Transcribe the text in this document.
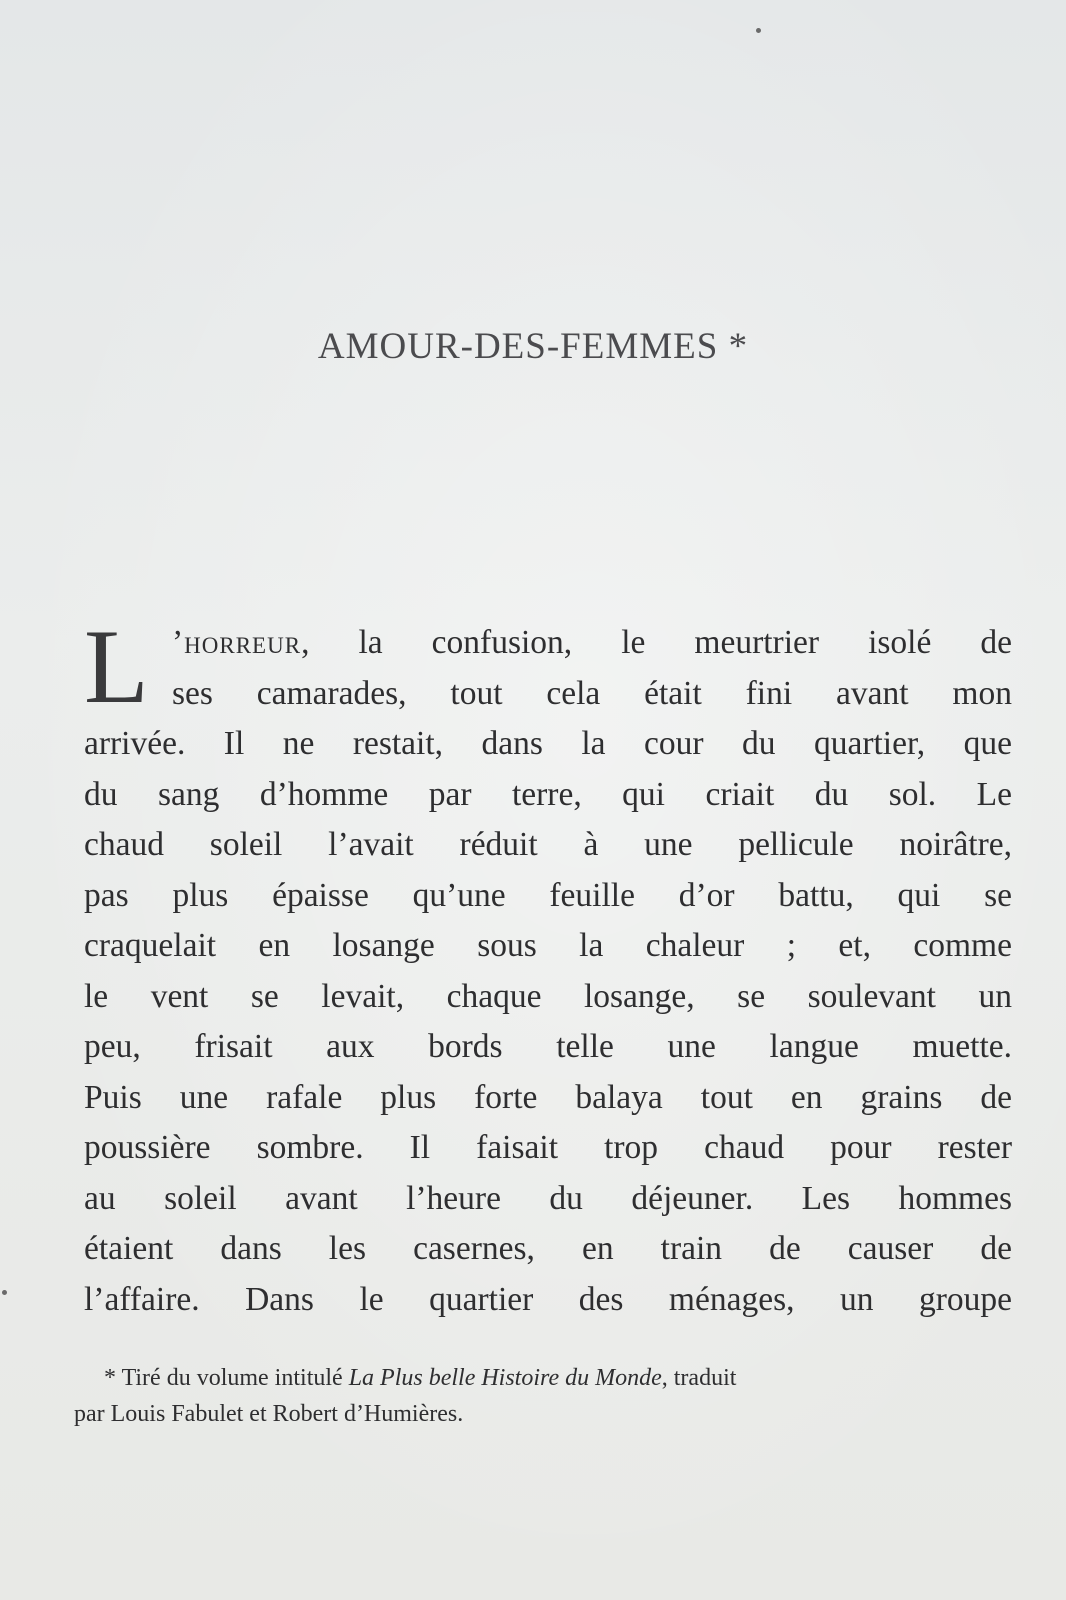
AMOUR-DES-FEMMES *
L ’horreur, la confusion, le meurtrier isolé de
ses camarades, tout cela était fini avant mon
arrivée. Il ne restait, dans la cour du quartier, que
du sang d’homme par terre, qui criait du sol. Le
chaud soleil l’avait réduit à une pellicule noirâtre,
pas plus épaisse qu’une feuille d’or battu, qui se
craquelait en losange sous la chaleur ; et, comme
le vent se levait, chaque losange, se soulevant un
peu, frisait aux bords telle une langue muette.
Puis une rafale plus forte balaya tout en grains de
poussière sombre. Il faisait trop chaud pour rester
au soleil avant l’heure du déjeuner. Les hommes
étaient dans les casernes, en train de causer de
l’affaire. Dans le quartier des ménages, un groupe
* Tiré du volume intitulé La Plus belle Histoire du Monde, traduit
par Louis Fabulet et Robert d’Humières.
